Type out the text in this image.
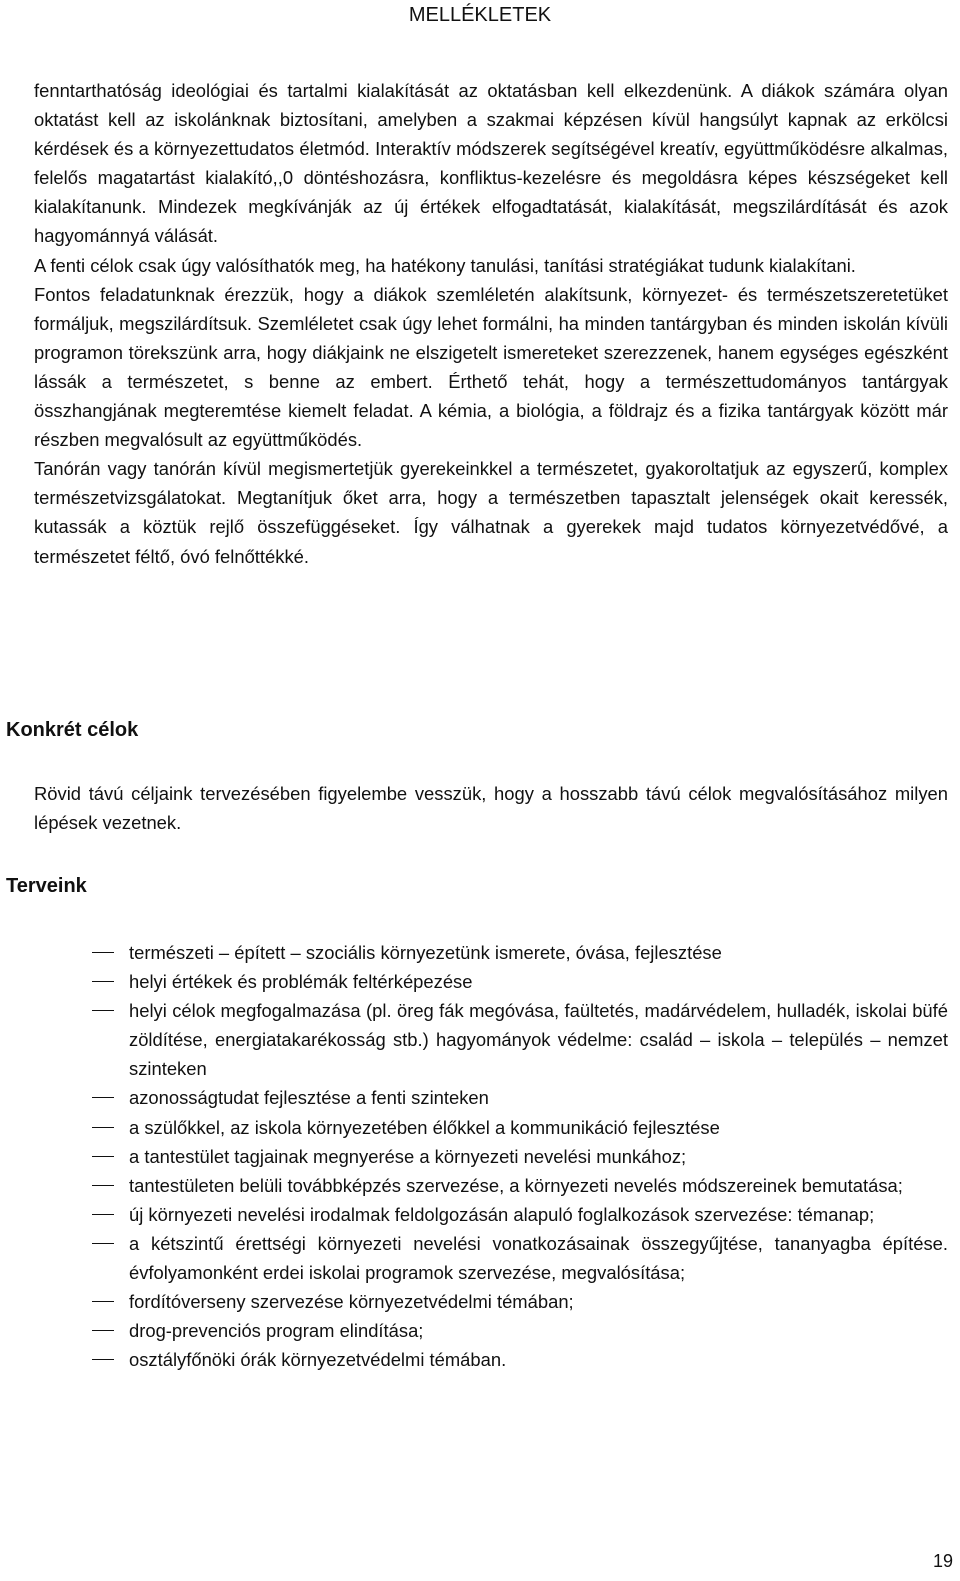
MELLÉKLETEK

fenntarthatóság ideológiai és tartalmi kialakítását az oktatásban kell elkezdenünk. A diákok számára olyan oktatást kell az iskolánknak biztosítani, amelyben a szakmai képzésen kívül hangsúlyt kapnak az erkölcsi kérdések és a környezettudatos életmód. Interaktív módszerek segítségével kreatív, együttműködésre alkalmas, felelős magatartást kialakító,,0 döntéshozásra, konfliktus-kezelésre és megoldásra képes készségeket kell kialakítanunk. Mindezek megkívánják az új értékek elfogadtatását, kialakítását, megszilárdítását és azok hagyománnyá válását.

A fenti célok csak úgy valósíthatók meg, ha hatékony tanulási, tanítási stratégiákat tudunk kialakítani.

Fontos feladatunknak érezzük, hogy a diákok szemléletén alakítsunk, környezet- és természetszeretetüket formáljuk, megszilárdítsuk. Szemléletet csak úgy lehet formálni, ha minden tantárgyban és minden iskolán kívüli programon törekszünk arra, hogy diákjaink ne elszigetelt ismereteket szerezzenek, hanem egységes egészként lássák a természetet, s benne az embert. Érthető tehát, hogy a természettudományos tantárgyak összhangjának megteremtése kiemelt feladat. A kémia, a biológia, a földrajz és a fizika tantárgyak között már részben megvalósult az együttműködés.

Tanórán vagy tanórán kívül megismertetjük gyerekeinkkel a természetet, gyakoroltatjuk az egyszerű, komplex természetvizsgálatokat. Megtanítjuk őket arra, hogy a természetben tapasztalt jelenségek okait keressék, kutassák a köztük rejlő összefüggéseket. Így válhatnak a gyerekek majd tudatos környezetvédővé, a természetet féltő, óvó felnőttékké.

Konkrét célok

Rövid távú céljaink tervezésében figyelembe vesszük, hogy a hosszabb távú célok megvalósításához milyen lépések vezetnek.

Terveink
természeti – épített – szociális környezetünk ismerete, óvása, fejlesztése
helyi értékek és problémák feltérképezése
helyi célok megfogalmazása (pl. öreg fák megóvása, faültetés, madárvédelem, hulladék, iskolai büfé zöldítése, energiatakarékosság stb.) hagyományok védelme: család – iskola – település – nemzet szinteken
azonosságtudat fejlesztése a fenti szinteken
a szülőkkel, az iskola környezetében élőkkel a kommunikáció fejlesztése
a tantestület tagjainak megnyerése a környezeti nevelési munkához;
tantestületen belüli továbbképzés szervezése, a környezeti nevelés módszereinek bemutatása;
új környezeti nevelési irodalmak feldolgozásán alapuló foglalkozások szervezése: témanap;
a kétszintű érettségi környezeti nevelési vonatkozásainak összegyűjtése, tananyagba építése. évfolyamonként erdei iskolai programok szervezése, megvalósítása;
fordítóverseny szervezése környezetvédelmi témában;
drog-prevenciós program elindítása;
osztályfőnöki órák környezetvédelmi témában.
19
